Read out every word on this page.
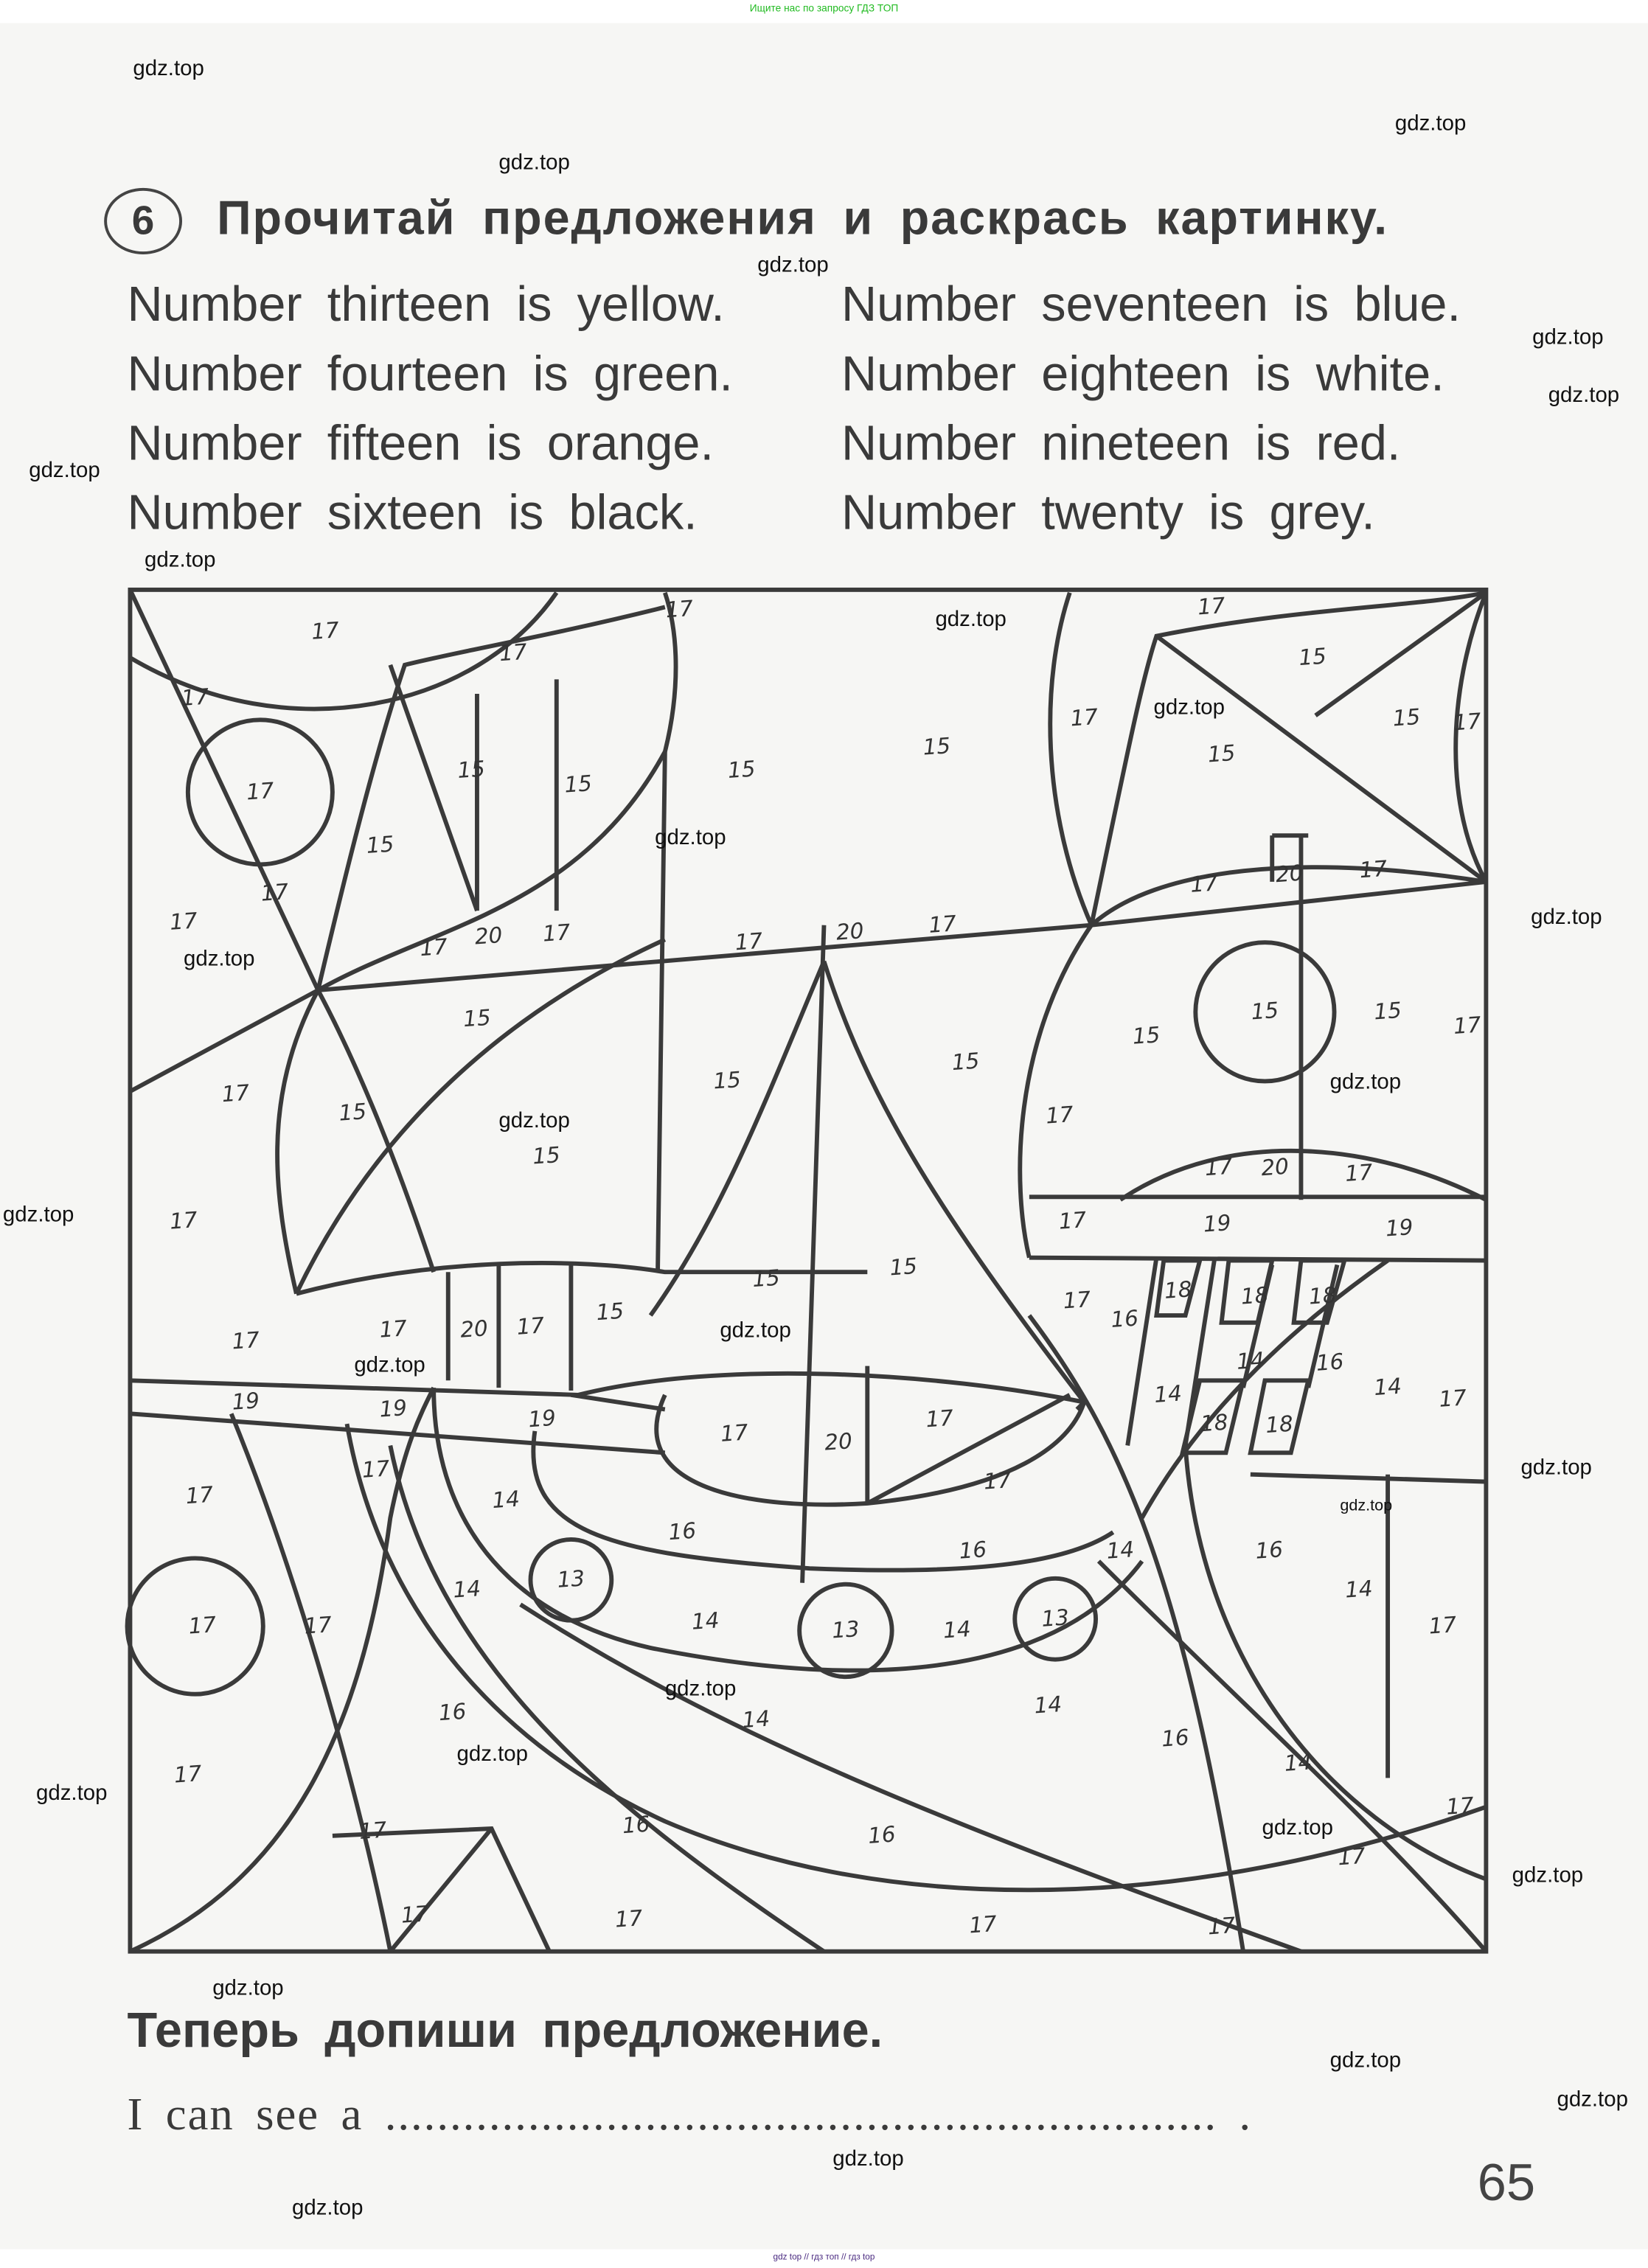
Ищите нас по запросу ГДЗ ТОП
6	Прочитай предложения и раскрась картинку.
Number thirteen is yellow.
Number fourteen is green.
Number fifteen is orange.
Number sixteen is black.
Number seventeen is blue.
Number eighteen is white.
Number nineteen is red.
Number twenty is grey.
17
17
17
17
17
15
15
15
15
17
17
17 20	17	17	20	17
15
17
17
15
15	17
15
17	20	17
17
15	15
15
17
15
15
15
17
15
15
17
17 20	17
17	19	19
15	15
17
16
18	18	18
14	16
14	14	17
18	18
17	17	20 17
15
19	19	19
17	20
17
17
17
17	14
16
16	14	16
14
17
13
14
13	14	13
14
17	17
14
14
16
16
14
17
17	16	16
17
17
17	17	17	17
Теперь допиши предложение.
I can see a ................................................................ .
65
gdz.top
gdz.top
gdz.top
gdz.top
gdz.top
gdz.top
gdz.top
gdz.top
gdz.top
gdz.top
gdz.top
gdz.top
gdz.top
gdz.top
gdz.top
gdz.top
gdz.top
gdz.top
gdz.top
gdz.top
gdz.top
gdz.top
gdz.top
gdz.top
gdz.top
gdz.top
gdz.top
gdz.top
gdz.top
gdz.top
gdz top // гдз топ // гдз top
